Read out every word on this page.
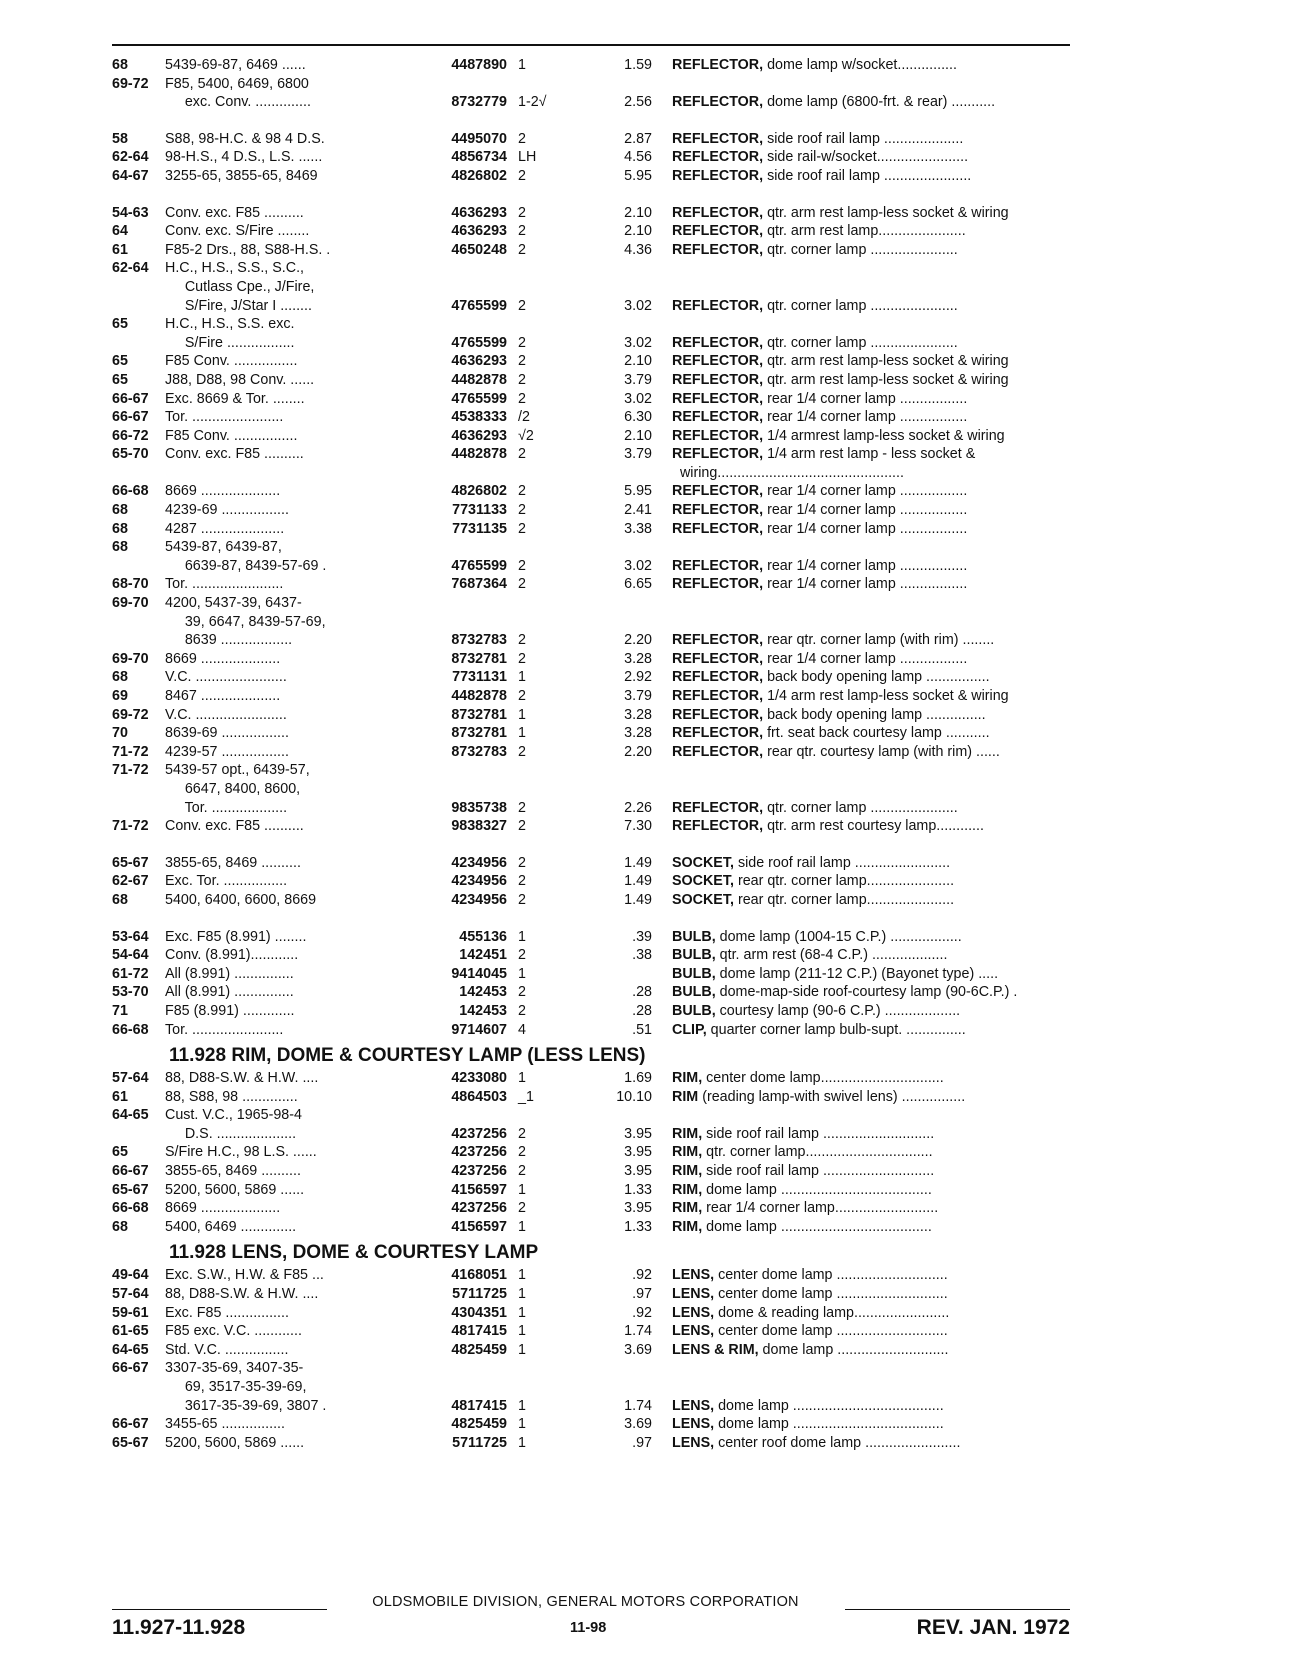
68	5439-69-87, 6469 ......	4487890 1	1.59 REFLECTOR, dome lamp w/socket...............
69-72	F85, 5400, 6469, 6800
exc. Conv. ..............	8732779 1-2√	2.56 REFLECTOR, dome lamp (6800-frt. & rear) ...........
58	S88, 98-H.C. & 98 4 D.S.	4495070 2	2.87 REFLECTOR, side roof rail lamp ....................
62-64	98-H.S., 4 D.S., L.S. ......	4856734 LH	4.56 REFLECTOR, side rail-w/socket.......................
64-67	3255-65, 3855-65, 8469	4826802 2	5.95 REFLECTOR, side roof rail lamp ......................
54-63	Conv. exc. F85 ..........	4636293 2	2.10 REFLECTOR, qtr. arm rest lamp-less socket & wiring
64	Conv. exc. S/Fire ........	4636293 2	2.10 REFLECTOR, qtr. arm rest lamp......................
61	F85-2 Drs., 88, S88-H.S. .	4650248 2	4.36 REFLECTOR, qtr. corner lamp ......................
62-64	H.C., H.S., S.S., S.C.,
Cutlass Cpe., J/Fire,
S/Fire, J/Star I ........	4765599 2	3.02 REFLECTOR, qtr. corner lamp ......................
65	H.C., H.S., S.S. exc.
S/Fire .................	4765599 2	3.02 REFLECTOR, qtr. corner lamp ......................
65	F85 Conv. ................	4636293 2	2.10 REFLECTOR, qtr. arm rest lamp-less socket & wiring
65	J88, D88, 98 Conv. ......	4482878 2	3.79 REFLECTOR, qtr. arm rest lamp-less socket & wiring
66-67	Exc. 8669 & Tor. ........	4765599 2	3.02 REFLECTOR, rear 1/4 corner lamp .................
66-67	Tor. .......................	4538333 /2	6.30 REFLECTOR, rear 1/4 corner lamp .................
66-72	F85 Conv. ................	4636293 √2	2.10 REFLECTOR, 1/4 armrest lamp-less socket & wiring
65-70	Conv. exc. F85 ..........	4482878 2	3.79 REFLECTOR, 1/4 arm rest lamp - less socket &
wiring...............................................
66-68	8669 ....................	4826802 2	5.95 REFLECTOR, rear 1/4 corner lamp .................
68	4239-69 .................	7731133 2	2.41 REFLECTOR, rear 1/4 corner lamp .................
68	4287 .....................	7731135 2	3.38 REFLECTOR, rear 1/4 corner lamp .................
68	5439-87, 6439-87,
6639-87, 8439-57-69 .	4765599 2	3.02 REFLECTOR, rear 1/4 corner lamp .................
68-70	Tor. .......................	7687364 2	6.65 REFLECTOR, rear 1/4 corner lamp .................
69-70	4200, 5437-39, 6437-
39, 6647, 8439-57-69,
8639 ..................	8732783 2	2.20 REFLECTOR, rear qtr. corner lamp (with rim) ........
69-70	8669 ....................	8732781 2	3.28 REFLECTOR, rear 1/4 corner lamp .................
68	V.C. .......................	7731131 1	2.92 REFLECTOR, back body opening lamp ................
69	8467 ....................	4482878 2	3.79 REFLECTOR, 1/4 arm rest lamp-less socket & wiring
69-72	V.C. .......................	8732781 1	3.28 REFLECTOR, back body opening lamp ...............
70	8639-69 .................	8732781 1	3.28 REFLECTOR, frt. seat back courtesy lamp ...........
71-72	4239-57 .................	8732783 2	2.20 REFLECTOR, rear qtr. courtesy lamp (with rim) ......
71-72	5439-57 opt., 6439-57,
6647, 8400, 8600,
Tor. ...................	9835738 2	2.26 REFLECTOR, qtr. corner lamp ......................
71-72	Conv. exc. F85 ..........	9838327 2	7.30 REFLECTOR, qtr. arm rest courtesy lamp............
65-67	3855-65, 8469 ..........	4234956 2	1.49 SOCKET, side roof rail lamp ........................
62-67	Exc. Tor. ................	4234956 2	1.49 SOCKET, rear qtr. corner lamp......................
68	5400, 6400, 6600, 8669	4234956 2	1.49 SOCKET, rear qtr. corner lamp......................
53-64	Exc. F85 (8.991) ........	455136 1	.39 BULB, dome lamp (1004-15 C.P.) ..................
54-64	Conv. (8.991)............	142451 2	.38 BULB, qtr. arm rest (68-4 C.P.) ...................
61-72	All (8.991) ...............	9414045 1	BULB, dome lamp (211-12 C.P.) (Bayonet type) .....
53-70	All (8.991) ...............	142453 2	.28 BULB, dome-map-side roof-courtesy lamp (90-6C.P.) .
71	F85 (8.991) .............	142453 2	.28 BULB, courtesy lamp (90-6 C.P.) ...................
66-68	Tor. .......................	9714607 4	.51 CLIP, quarter corner lamp bulb-supt. ...............
11.928 RIM, DOME & COURTESY LAMP (LESS LENS)
57-64	88, D88-S.W. & H.W. ....	4233080 1	1.69 RIM, center dome lamp...............................
61	88, S88, 98 ..............	4864503 _1	10.10 RIM (reading lamp-with swivel lens) ................
64-65	Cust. V.C., 1965-98-4
D.S. ....................	4237256 2	3.95 RIM, side roof rail lamp ............................
65	S/Fire H.C., 98 L.S. ......	4237256 2	3.95 RIM, qtr. corner lamp................................
66-67	3855-65, 8469 ..........	4237256 2	3.95 RIM, side roof rail lamp ............................
65-67	5200, 5600, 5869 ......	4156597 1	1.33 RIM, dome lamp ......................................
66-68	8669 ....................	4237256 2	3.95 RIM, rear 1/4 corner lamp..........................
68	5400, 6469 ..............	4156597 1	1.33 RIM, dome lamp ......................................
11.928 LENS, DOME & COURTESY LAMP
49-64	Exc. S.W., H.W. & F85 ...	4168051 1	.92 LENS, center dome lamp ............................
57-64	88, D88-S.W. & H.W. ....	5711725 1	.97 LENS, center dome lamp ............................
59-61	Exc. F85 ................	4304351 1	.92 LENS, dome & reading lamp........................
61-65	F85 exc. V.C. ............	4817415 1	1.74 LENS, center dome lamp ............................
64-65	Std. V.C. ................	4825459 1	3.69 LENS & RIM, dome lamp ............................
66-67	3307-35-69, 3407-35-
69, 3517-35-39-69,
3617-35-39-69, 3807 .	4817415 1	1.74 LENS, dome lamp ......................................
66-67	3455-65 ................	4825459 1	3.69 LENS, dome lamp ......................................
65-67	5200, 5600, 5869 ......	5711725 1	.97 LENS, center roof dome lamp ........................
OLDSMOBILE DIVISION, GENERAL MOTORS CORPORATION
11.927-11.928	11-98	REV. JAN. 1972
